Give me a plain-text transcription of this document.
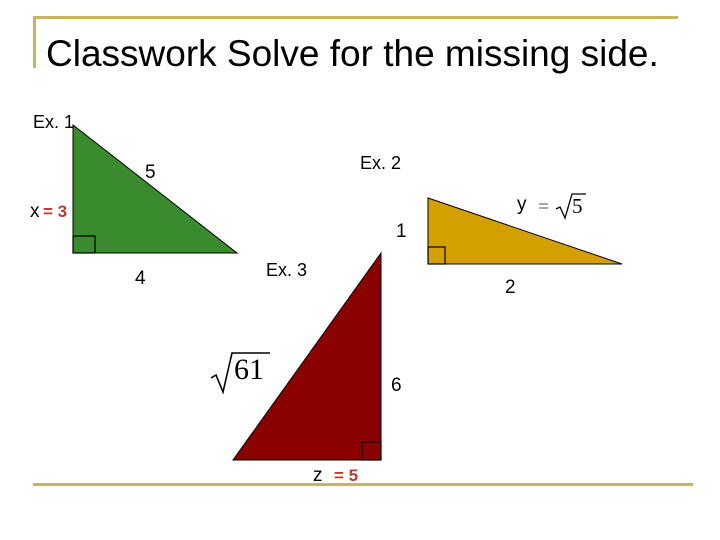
Classwork Solve for the missing side.
Ex. 1
5
4
x = 3
Ex. 2
1
2
y = 5
Ex. 3
61	6
z = 5
